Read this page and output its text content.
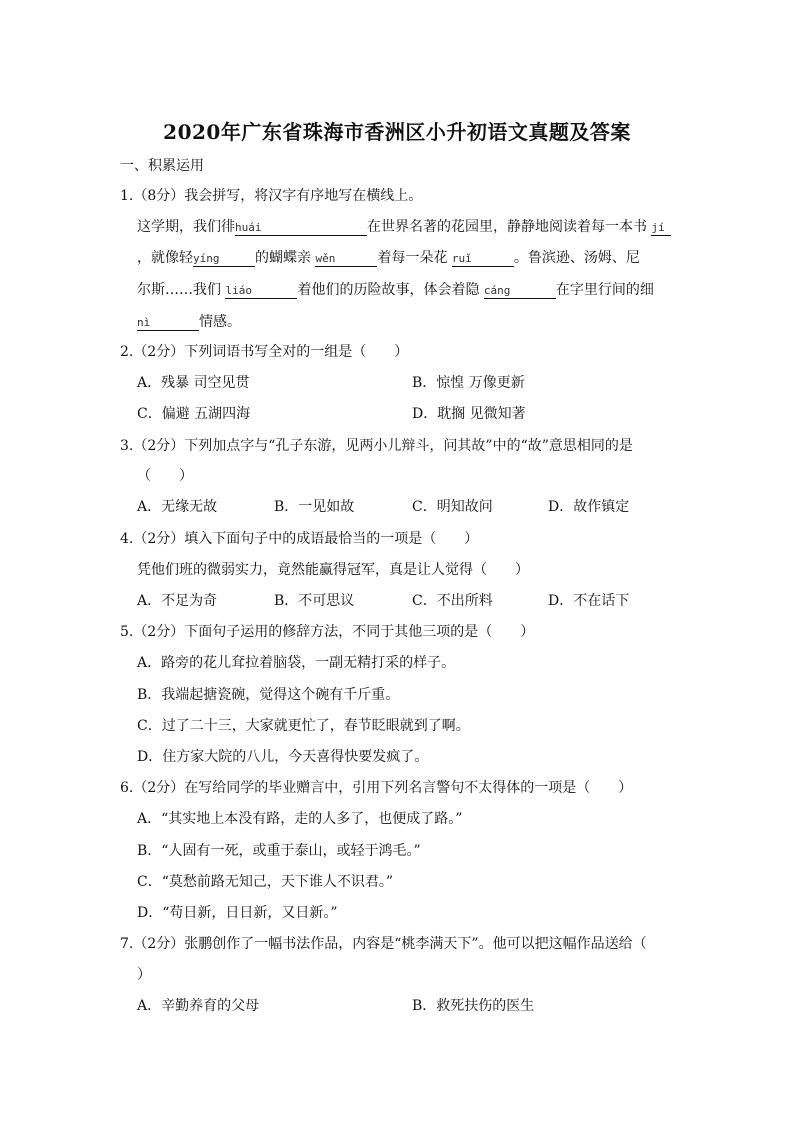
2020年广东省珠海市香洲区小升初语文真题及答案
一、积累运用
1.（8分）我会拼写，将汉字有序地写在横线上。
这学期，我们徘huái	在世界名著的花园里，静静地阅读着每一本书 jí
，就像轻yíng	的蝴蝶亲 wěn	着每一朵花 ruǐ	。鲁滨逊、汤姆、尼
尔斯……我们 liáo	着他们的历险故事，体会着隐 cáng	在字里行间的细
nì	情感。
2.（2分）下列词语书写全对的一组是（　　）
A．残暴 司空见贯	B．惊惶 万像更新
C．偏避 五湖四海	D．耽搁 见微知著
3.（2分）下列加点字与“孔子东游，见两小儿辩斗，问其故”中的“故”意思相同的是
（　　）
A．无缘无故	B．一见如故	C．明知故问	D．故作镇定
4.（2分）填入下面句子中的成语最恰当的一项是（　　）
凭他们班的微弱实力，竟然能赢得冠军，真是让人觉得（　　）
A．不足为奇	B．不可思议	C．不出所料	D．不在话下
5.（2分）下面句子运用的修辞方法，不同于其他三项的是（　　）
A．路旁的花儿耷拉着脑袋，一副无精打采的样子。
B．我端起搪瓷碗，觉得这个碗有千斤重。
C．过了二十三，大家就更忙了，春节眨眼就到了啊。
D．住方家大院的八儿，今天喜得快要发疯了。
6.（2分）在写给同学的毕业赠言中，引用下列名言警句不太得体的一项是（　　）
A．“其实地上本没有路，走的人多了，也便成了路。”
B．“人固有一死，或重于泰山，或轻于鸿毛。”
C．“莫愁前路无知己，天下谁人不识君。”
D．“苟日新，日日新，又日新。”
7.（2分）张鹏创作了一幅书法作品，内容是“桃李满天下”。他可以把这幅作品送给（
）
A．辛勤养育的父母	B．救死扶伤的医生
